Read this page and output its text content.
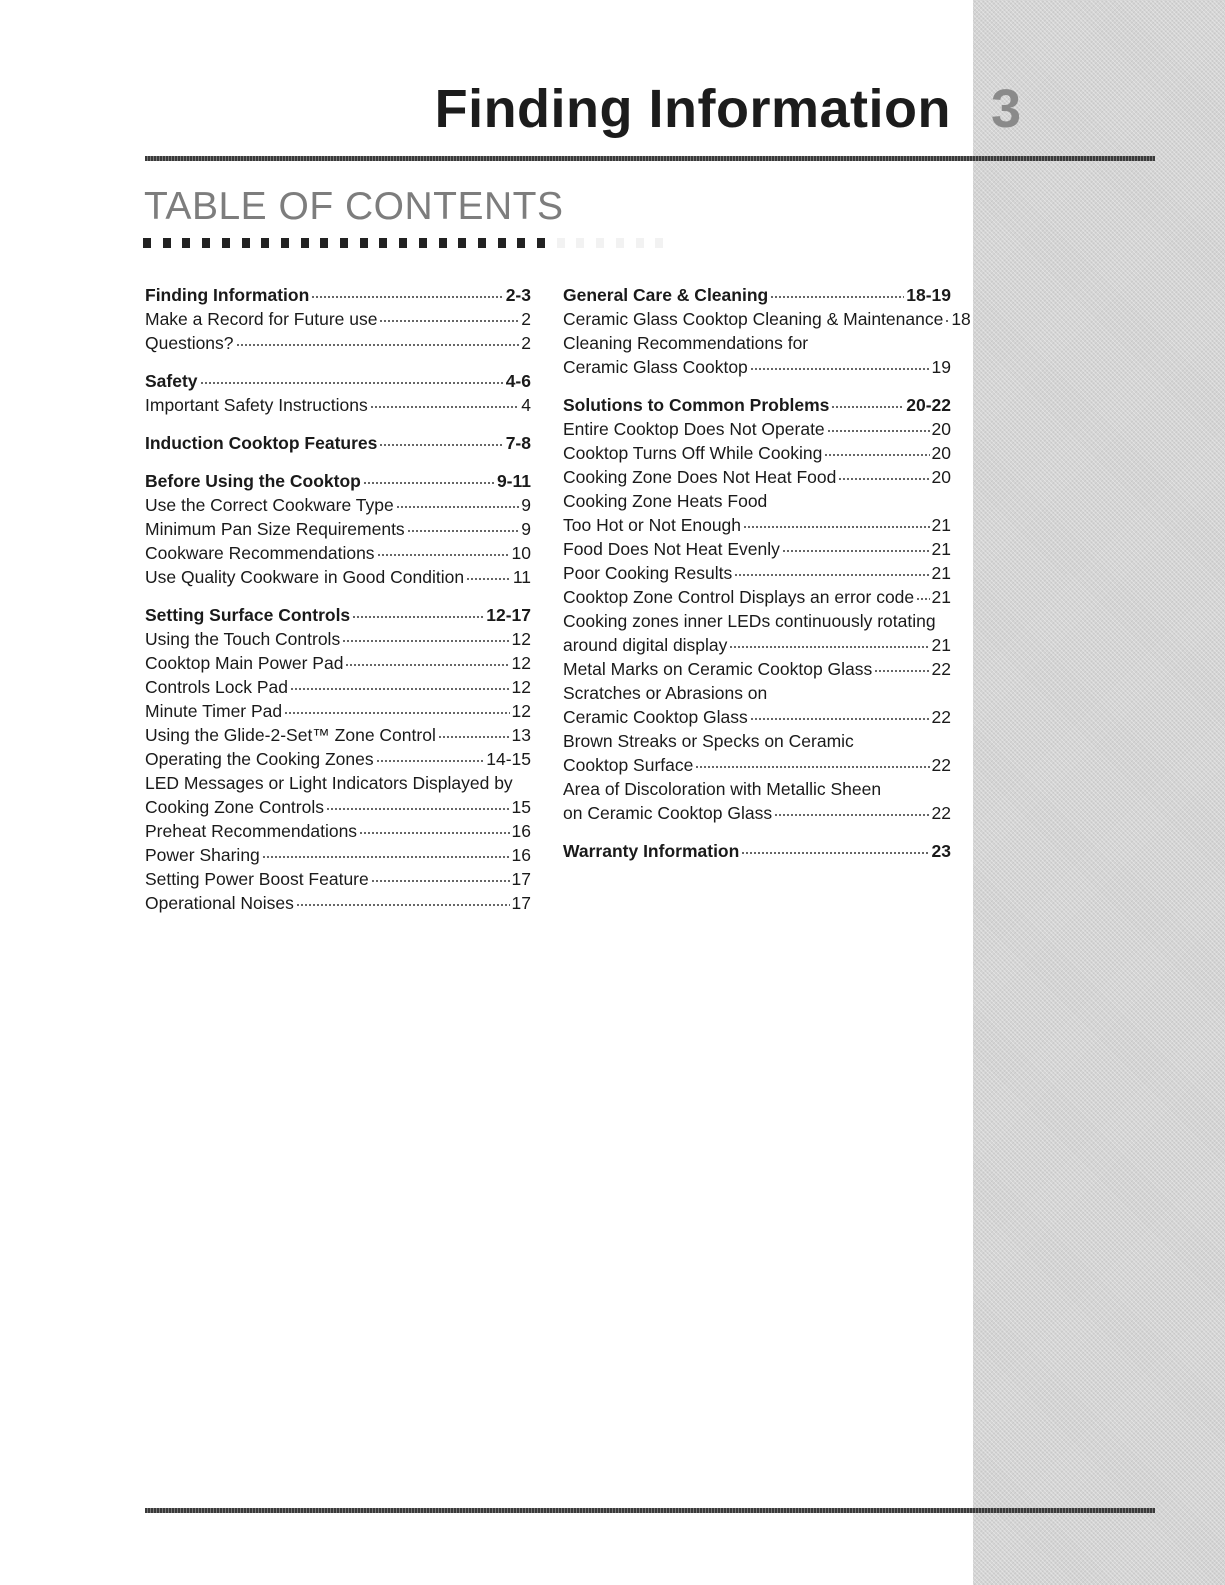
Finding Information 3
TABLE OF CONTENTS
Finding Information	2-3
Make a Record for Future use	2
Questions?	2
Safety	4-6
Important Safety Instructions	4
Induction Cooktop Features	7-8
Before Using the Cooktop	9-11
Use the Correct Cookware Type	9
Minimum Pan Size Requirements	9
Cookware Recommendations	10
Use Quality Cookware in Good Condition	11
Setting Surface Controls	12-17
Using the Touch Controls	12
Cooktop Main Power Pad	12
Controls Lock Pad	12
Minute Timer Pad	12
Using the Glide-2-Set™ Zone Control	13
Operating the Cooking Zones	14-15
LED Messages or Light Indicators Displayed by
Cooking Zone Controls	15
Preheat Recommendations	16
Power Sharing	16
Setting Power Boost Feature	17
Operational Noises	17
General Care & Cleaning	18-19
Ceramic Glass Cooktop Cleaning & Maintenance 18
Cleaning Recommendations for
Ceramic Glass Cooktop	19
Solutions to Common Problems	20-22
Entire Cooktop Does Not Operate	20
Cooktop Turns Off While Cooking	20
Cooking Zone Does Not Heat Food	20
Cooking Zone Heats Food
Too Hot or Not Enough	21
Food Does Not Heat Evenly	21
Poor Cooking Results	21
Cooktop Zone Control Displays an error code 21
Cooking zones inner LEDs continuously rotating
around digital display	21
Metal Marks on Ceramic Cooktop Glass	22
Scratches or Abrasions on
Ceramic Cooktop Glass	22
Brown Streaks or Specks on Ceramic
Cooktop Surface	22
Area of Discoloration with Metallic Sheen
on Ceramic Cooktop Glass	22
Warranty Information	23
